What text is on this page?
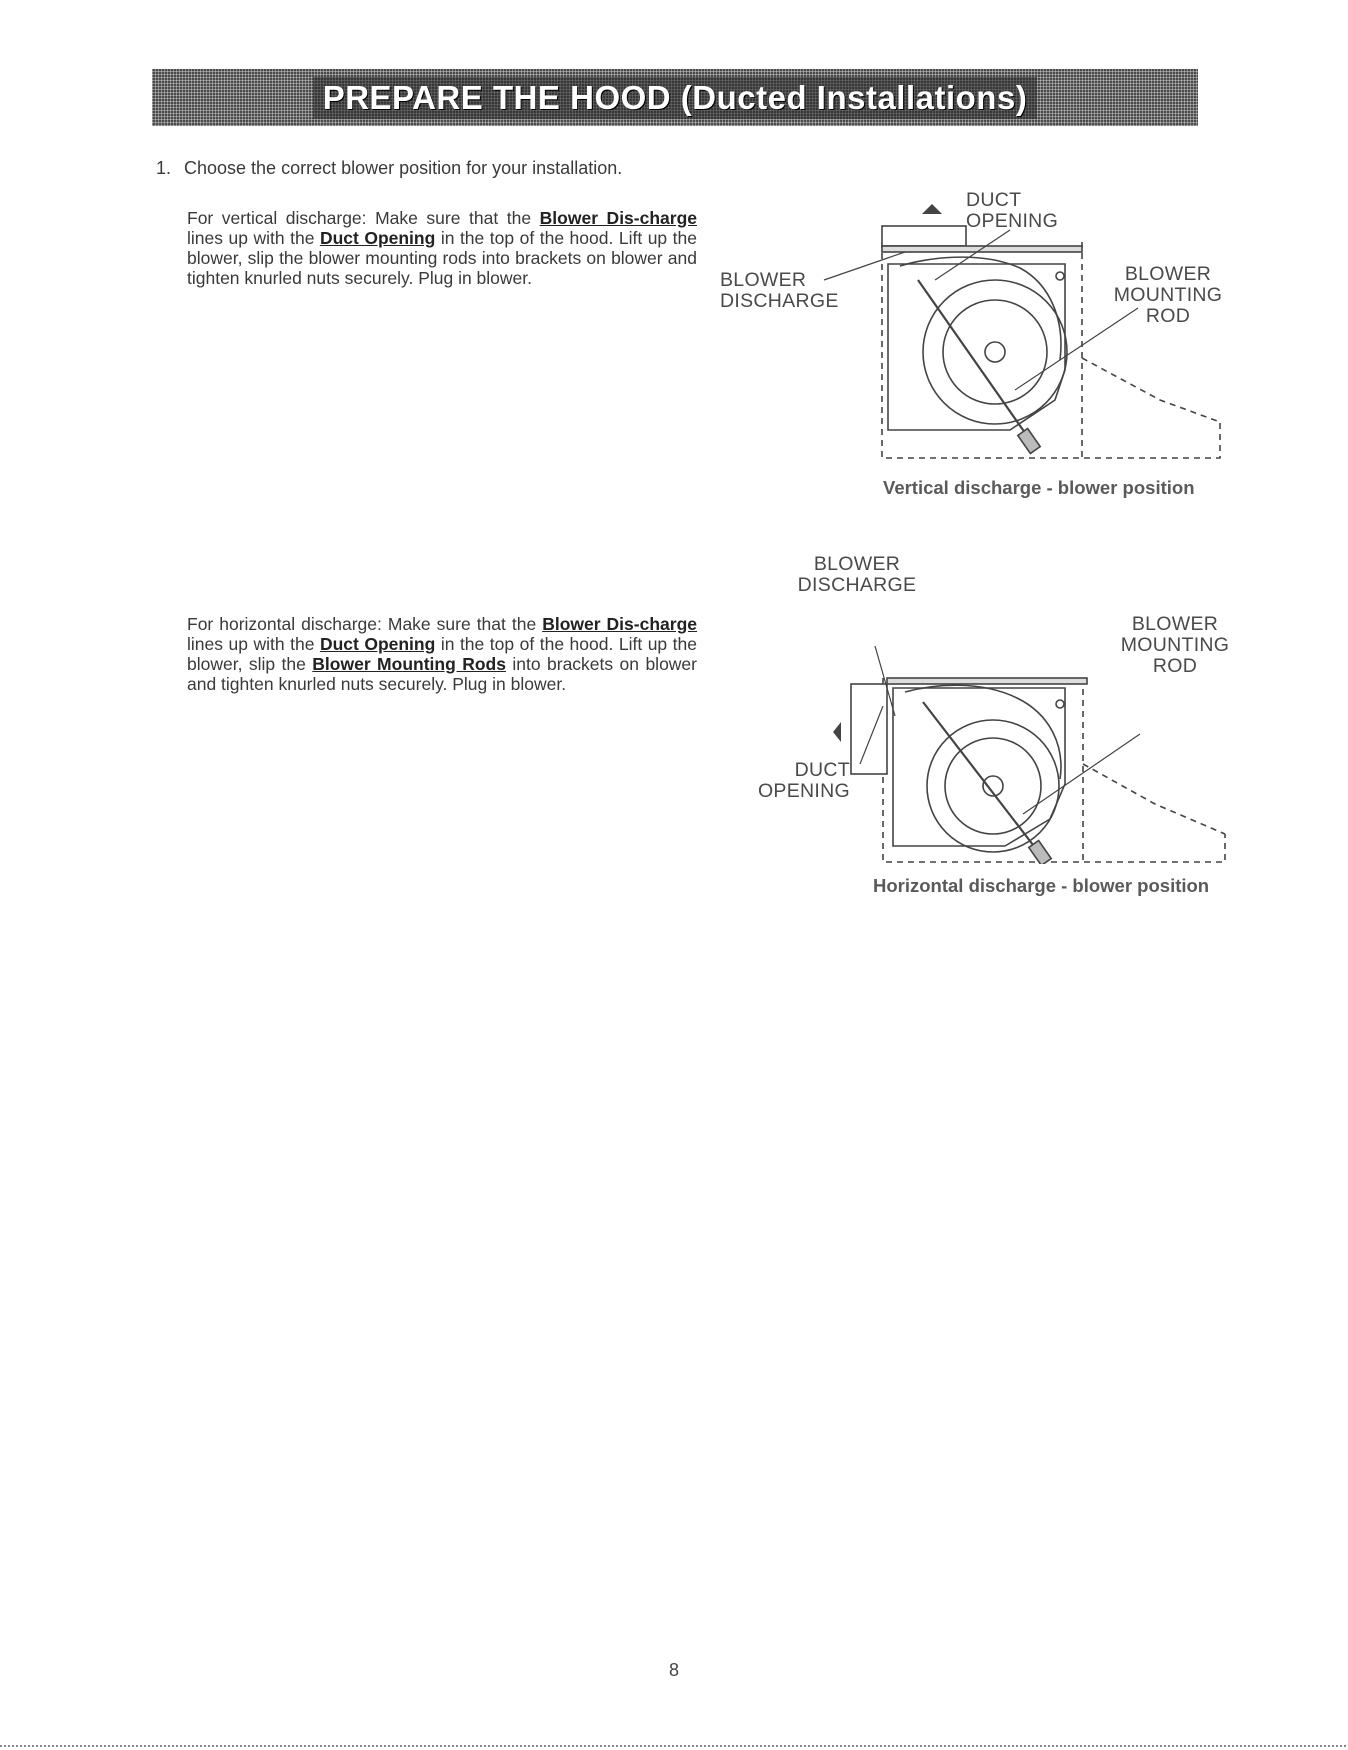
PREPARE THE HOOD (Ducted Installations)
1. Choose the correct blower position for your installation.
For vertical discharge: Make sure that the Blower Dis-charge lines up with the Duct Opening in the top of the hood. Lift up the blower, slip the blower mounting rods into brackets on blower and tighten knurled nuts securely. Plug in blower.
DUCT
OPENING
BLOWER
DISCHARGE
BLOWER
MOUNTING
ROD
Vertical discharge - blower position
For horizontal discharge: Make sure that the Blower Dis-charge lines up with the Duct Opening in the top of the hood. Lift up the blower, slip the Blower Mounting Rods into brackets on blower and tighten knurled nuts securely. Plug in blower.
BLOWER
DISCHARGE
BLOWER
MOUNTING
ROD
DUCT
OPENING
Horizontal discharge - blower position
8
